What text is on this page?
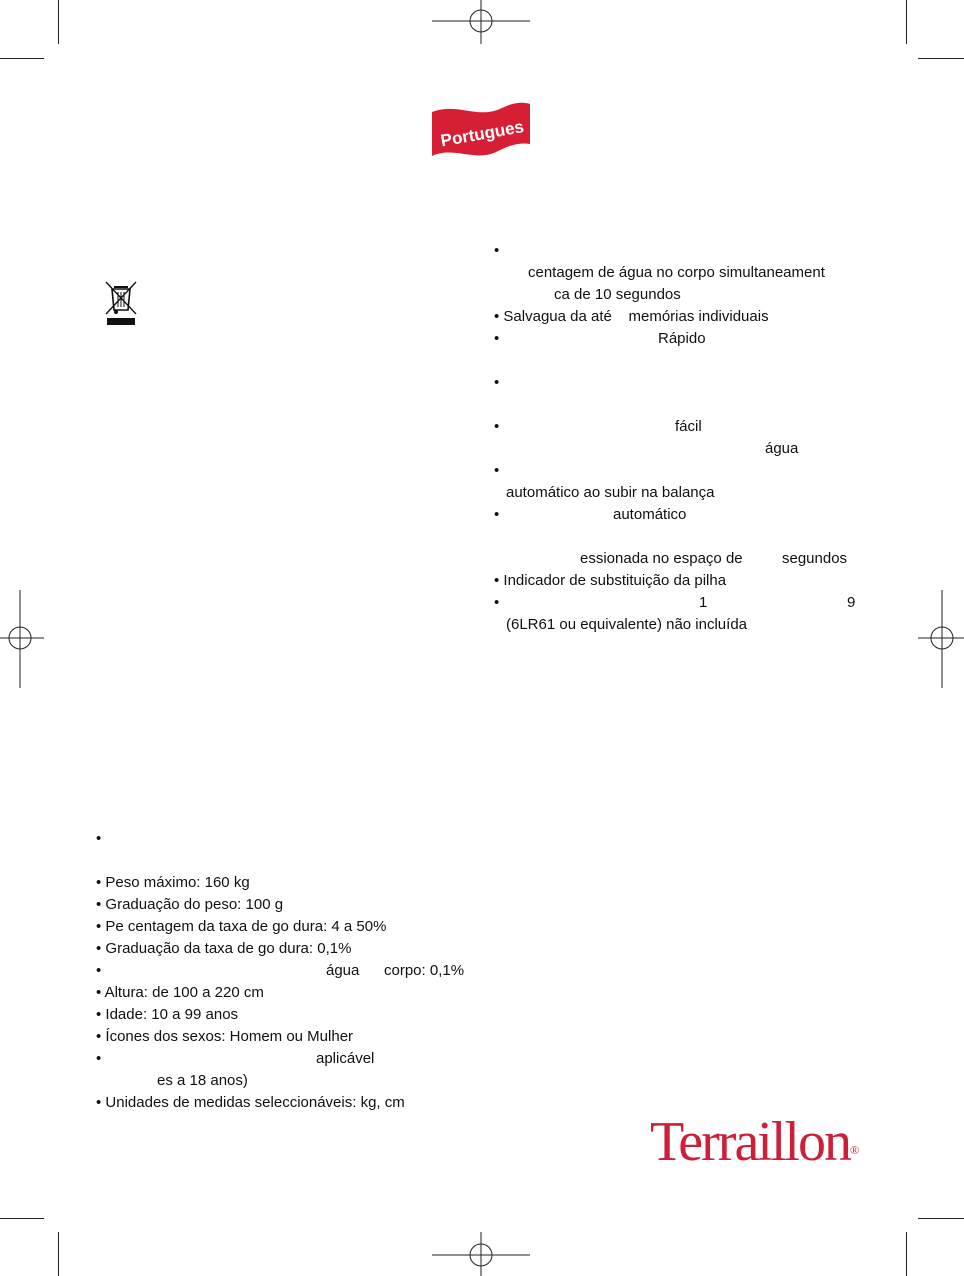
Portugues
•
centagem de água no corpo simultaneament
ca de 10 segundos
• Salvagua da até    memórias individuais
•	Rápido
•
•	fácil
água
•
automático ao subir na balança
•	automático
essionada no espaço de	segundos
• Indicador de substituição da pilha
•	1	9
(6LR61 ou equivalente) não incluída
•
• Peso máximo: 160 kg
• Graduação do peso: 100 g
• Pe centagem da taxa de go dura: 4 a 50%
• Graduação da taxa de go dura: 0,1%
•	água corpo: 0,1%
• Altura: de 100 a 220 cm
• Idade: 10 a 99 anos
• Ícones dos sexos: Homem ou Mulher
•	aplicável
es a 18 anos)
• Unidades de medidas seleccionáveis: kg, cm
Terraillon®
